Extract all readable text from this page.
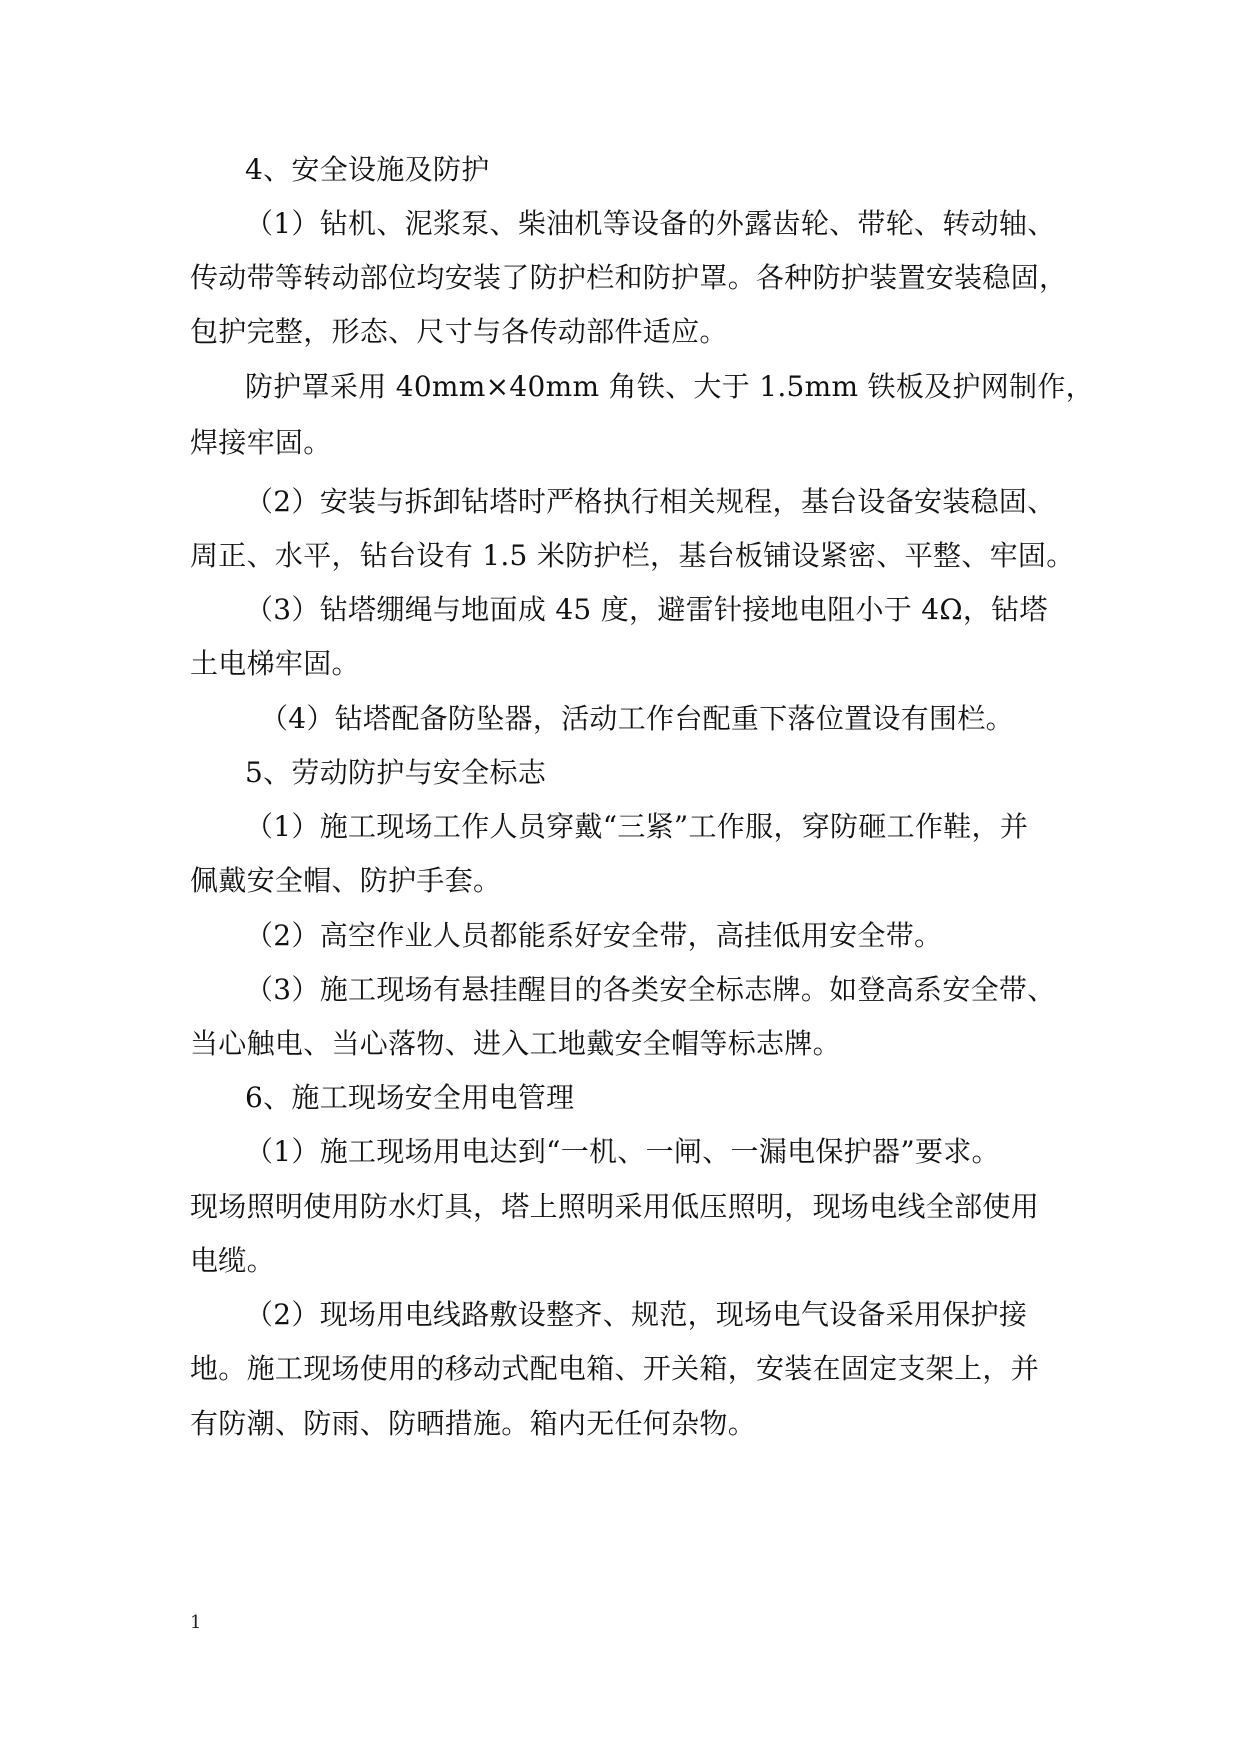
4、安全设施及防护
（1）钻机、泥浆泵、柴油机等设备的外露齿轮、带轮、转动轴、
传动带等转动部位均安装了防护栏和防护罩。各种防护装置安装稳固，
包护完整，形态、尺寸与各传动部件适应。
防护罩采用 40mm×40mm 角铁、大于 1.5mm 铁板及护网制作，
焊接牢固。
（2）安装与拆卸钻塔时严格执行相关规程，基台设备安装稳固、
周正、水平，钻台设有 1.5 米防护栏，基台板铺设紧密、平整、牢固。
（3）钻塔绷绳与地面成 45 度，避雷针接地电阻小于 4Ω，钻塔
土电梯牢固。
（4）钻塔配备防坠器，活动工作台配重下落位置设有围栏。
5、劳动防护与安全标志
（1）施工现场工作人员穿戴“三紧”工作服，穿防砸工作鞋，并
佩戴安全帽、防护手套。
（2）高空作业人员都能系好安全带，高挂低用安全带。
（3）施工现场有悬挂醒目的各类安全标志牌。如登高系安全带、
当心触电、当心落物、进入工地戴安全帽等标志牌。
6、施工现场安全用电管理
（1）施工现场用电达到“一机、一闸、一漏电保护器”要求。
现场照明使用防水灯具，塔上照明采用低压照明，现场电线全部使用
电缆。
（2）现场用电线路敷设整齐、规范，现场电气设备采用保护接
地。施工现场使用的移动式配电箱、开关箱，安装在固定支架上，并
有防潮、防雨、防晒措施。箱内无任何杂物。
1
